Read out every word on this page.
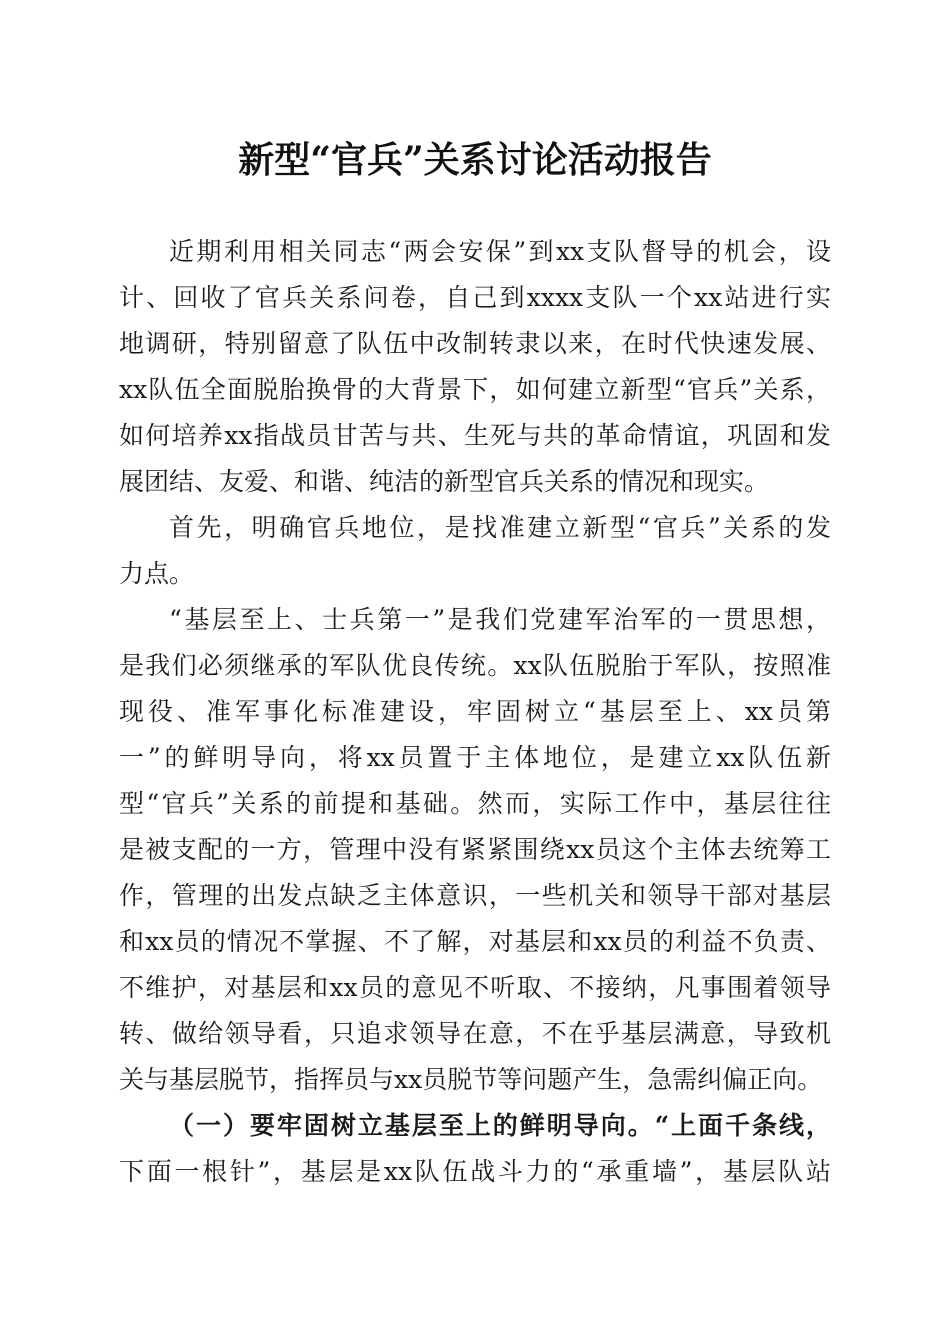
新型“官兵”关系讨论活动报告
近期利用相关同志“两会安保”到xx支队督导的机会，设
计、回收了官兵关系问卷，自己到xxxx支队一个xx站进行实
地调研，特别留意了队伍中改制转隶以来，在时代快速发展、
xx队伍全面脱胎换骨的大背景下，如何建立新型“官兵”关系，
如何培养xx指战员甘苦与共、生死与共的革命情谊，巩固和发
展团结、友爱、和谐、纯洁的新型官兵关系的情况和现实。
首先，明确官兵地位，是找准建立新型“官兵”关系的发
力点。
“基层至上、士兵第一”是我们党建军治军的一贯思想，
是我们必须继承的军队优良传统。xx队伍脱胎于军队，按照准
现役、准军事化标准建设，牢固树立“基层至上、xx员第
一”的鲜明导向，将xx员置于主体地位，是建立xx队伍新
型“官兵”关系的前提和基础。然而，实际工作中，基层往往
是被支配的一方，管理中没有紧紧围绕xx员这个主体去统筹工
作，管理的出发点缺乏主体意识，一些机关和领导干部对基层
和xx员的情况不掌握、不了解，对基层和xx员的利益不负责、
不维护，对基层和xx员的意见不听取、不接纳，凡事围着领导
转、做给领导看，只追求领导在意，不在乎基层满意，导致机
关与基层脱节，指挥员与xx员脱节等问题产生，急需纠偏正向。
（一）要牢固树立基层至上的鲜明导向。“上面千条线，
下面一根针”，基层是xx队伍战斗力的“承重墙”，基层队站
